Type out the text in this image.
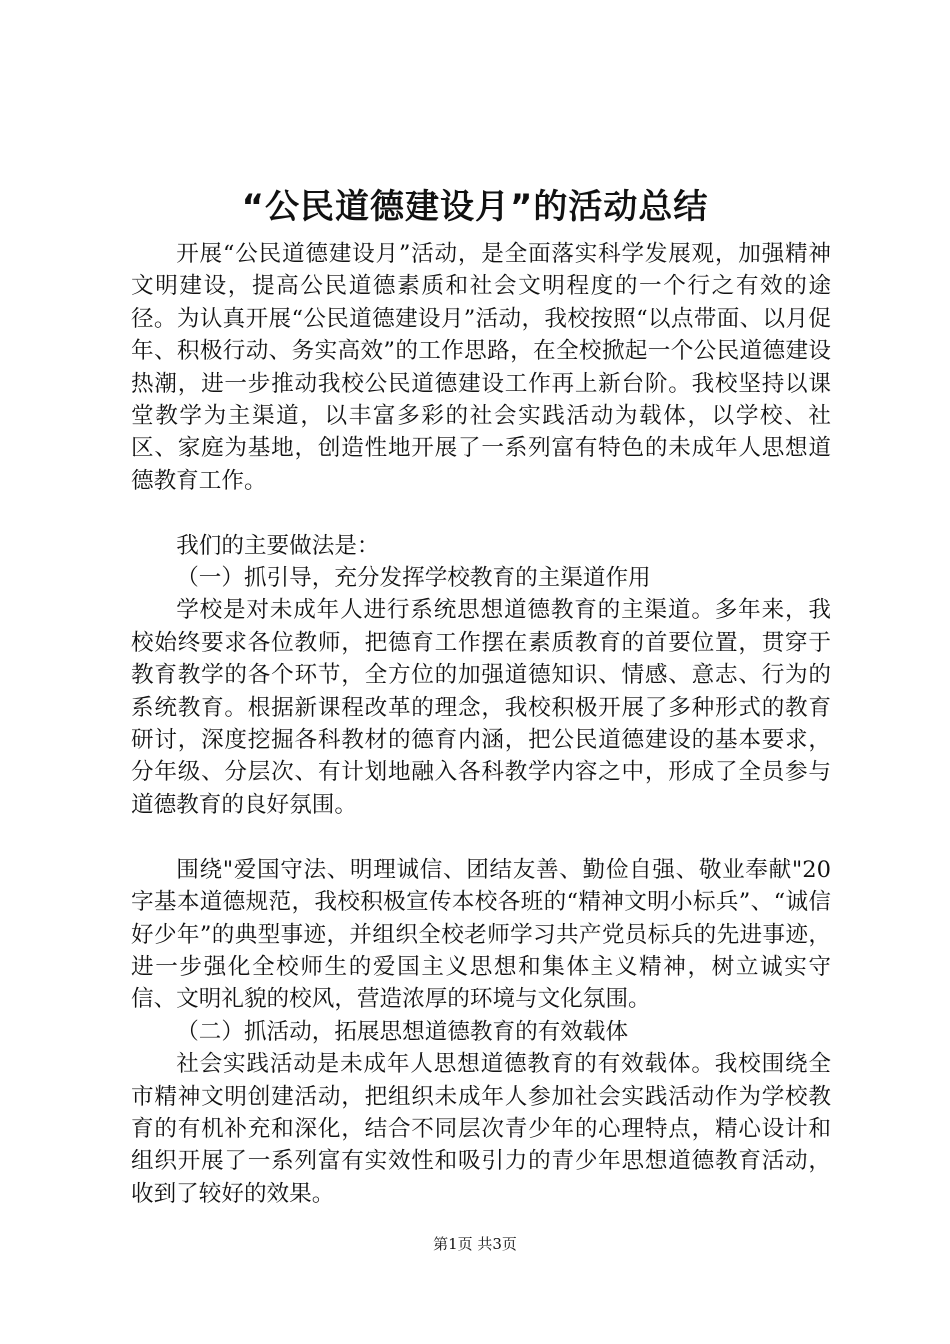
“公民道德建设月”的活动总结

开展“公民道德建设月”活动，是全面落实科学发展观，加强精神文明建设，提高公民道德素质和社会文明程度的一个行之有效的途径。为认真开展“公民道德建设月”活动，我校按照“以点带面、以月促年、积极行动、务实高效”的工作思路，在全校掀起一个公民道德建设热潮，进一步推动我校公民道德建设工作再上新台阶。我校坚持以课堂教学为主渠道，以丰富多彩的社会实践活动为载体，以学校、社区、家庭为基地，创造性地开展了一系列富有特色的未成年人思想道德教育工作。

我们的主要做法是：

（一）抓引导，充分发挥学校教育的主渠道作用

学校是对未成年人进行系统思想道德教育的主渠道。多年来，我校始终要求各位教师，把德育工作摆在素质教育的首要位置，贯穿于教育教学的各个环节，全方位的加强道德知识、情感、意志、行为的系统教育。根据新课程改革的理念，我校积极开展了多种形式的教育研讨，深度挖掘各科教材的德育内涵，把公民道德建设的基本要求，分年级、分层次、有计划地融入各科教学内容之中，形成了全员参与道德教育的良好氛围。

围绕"爱国守法、明理诚信、团结友善、勤俭自强、敬业奉献"20字基本道德规范，我校积极宣传本校各班的“精神文明小标兵”、“诚信好少年”的典型事迹，并组织全校老师学习共产党员标兵的先进事迹，进一步强化全校师生的爱国主义思想和集体主义精神，树立诚实守信、文明礼貌的校风，营造浓厚的环境与文化氛围。

（二）抓活动，拓展思想道德教育的有效载体

社会实践活动是未成年人思想道德教育的有效载体。我校围绕全市精神文明创建活动，把组织未成年人参加社会实践活动作为学校教育的有机补充和深化，结合不同层次青少年的心理特点，精心设计和组织开展了一系列富有实效性和吸引力的青少年思想道德教育活动，收到了较好的效果。

第1页 共3页
